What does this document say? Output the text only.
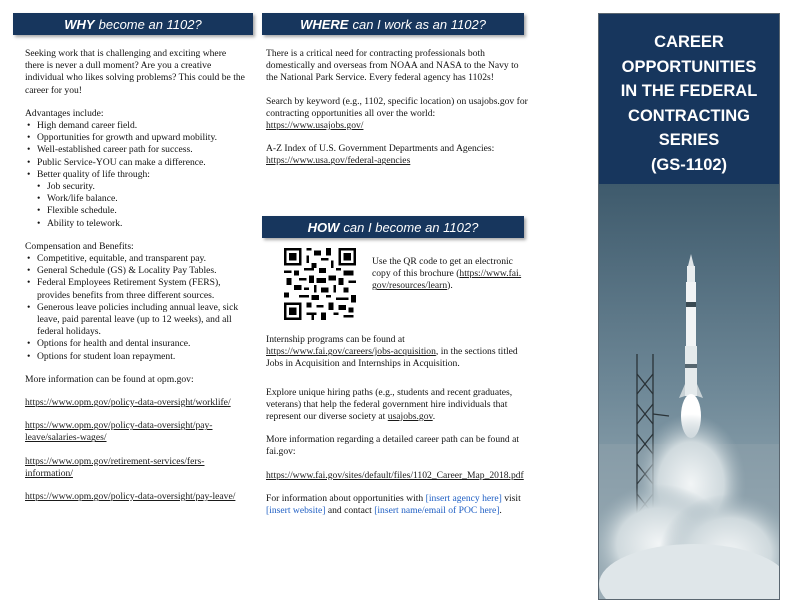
WHY become an 1102?

Seeking work that is challenging and exciting where there is never a dull moment? Are you a creative individual who likes solving problems? This could be the career for you!

Advantages include:
• High demand career field.
• Opportunities for growth and upward mobility.
• Well-established career path for success.
• Public Service-YOU can make a difference.
• Better quality of life through:
• Job security.
• Work/life balance.
• Flexible schedule.
• Ability to telework.
Compensation and Benefits:
• Competitive, equitable, and transparent pay.
• General Schedule (GS) & Locality Pay Tables.
• Federal Employees Retirement System (FERS), provides benefits from three different sources.
• Generous leave policies including annual leave, sick leave, paid parental leave (up to 12 weeks), and all federal holidays.
• Options for health and dental insurance.
• Options for student loan repayment.

More information can be found at opm.gov:

https://www.opm.gov/policy-data-oversight/worklife/
https://www.opm.gov/policy-data-oversight/pay-leave/salaries-wages/
https://www.opm.gov/retirement-services/fers-information/
https://www.opm.gov/policy-data-oversight/pay-leave/
WHERE can I work as an 1102?

There is a critical need for contracting professionals both domestically and overseas from NOAA and NASA to the Navy to the National Park Service. Every federal agency has 1102s!

Search by keyword (e.g., 1102, specific location) on usajobs.gov for contracting opportunities all over the world: https://www.usajobs.gov/

A-Z Index of U.S. Government Departments and Agencies: https://www.usa.gov/federal-agencies

HOW can I become an 1102?
Use the QR code to get an electronic copy of this brochure (https://www.fai.gov/resources/learn).

Internship programs can be found at https://www.fai.gov/careers/jobs-acquisition, in the sections titled Jobs in Acquisition and Internships in Acquisition.

Explore unique hiring paths (e.g., students and recent graduates, veterans) that help the federal government hire individuals that represent our diverse society at usajobs.gov.

More information regarding a detailed career path can be found at fai.gov:

https://www.fai.gov/sites/default/files/1102_Career_Map_2018.pdf

For information about opportunities with [insert agency here] visit [insert website] and contact [insert name/email of POC here].

CAREER
OPPORTUNITIES
IN THE FEDERAL
CONTRACTING
SERIES
(GS-1102)
